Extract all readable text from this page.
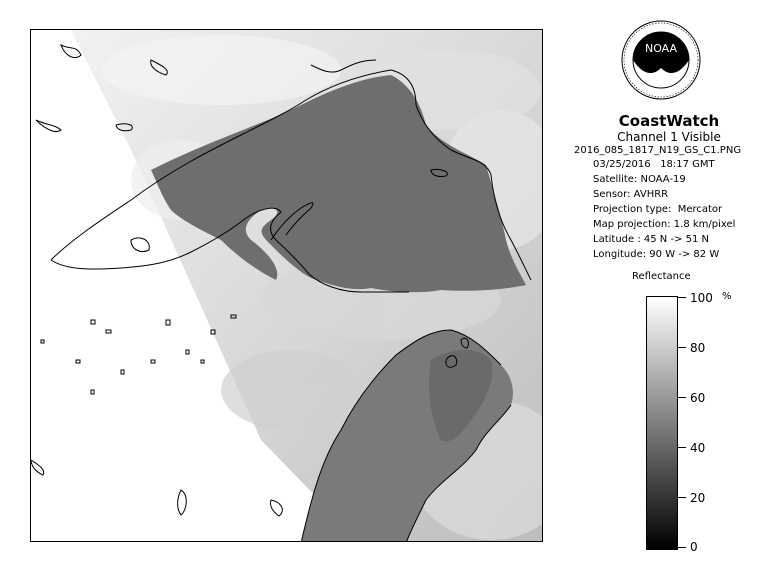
NOAA
CoastWatch
Channel 1 Visible
2016_085_1817_N19_GS_C1.PNG
03/25/2016 18:17 GMT
Satellite: NOAA-19
Sensor: AVHRR
Projection type:  Mercator
Map projection: 1.8 km/pixel
Latitude : 45 N -> 51 N
Longitude: 90 W -> 82 W
Reflectance
%
100
80
60
40
20
0
